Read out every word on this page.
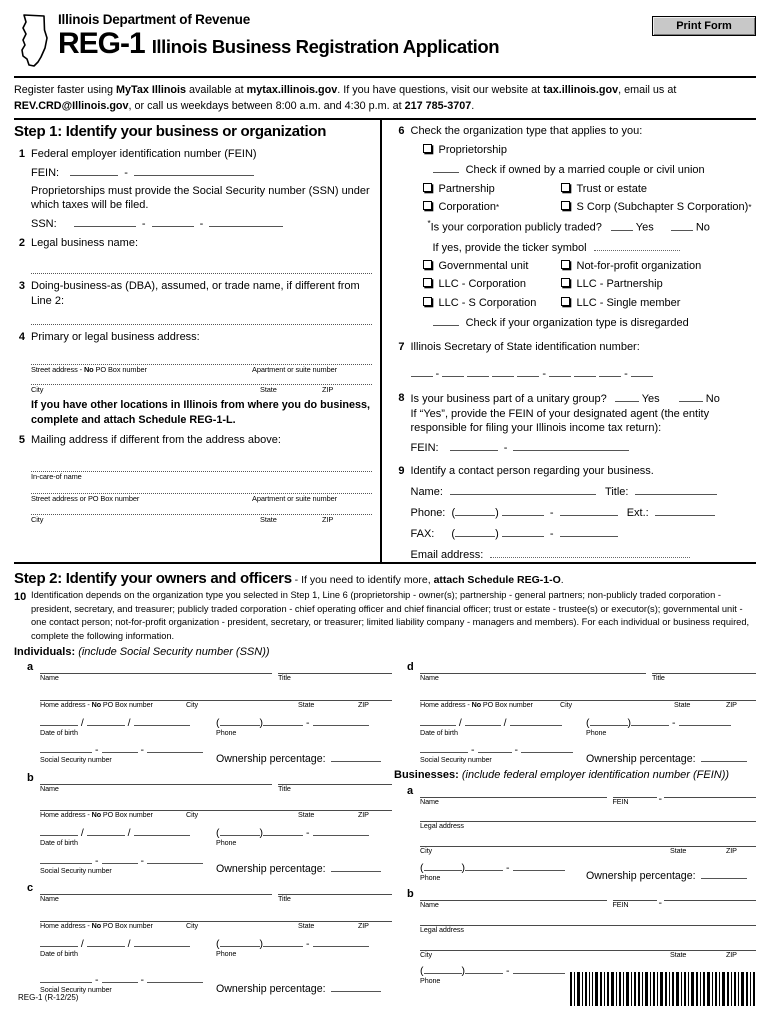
Illinois Department of Revenue
REG-1 Illinois Business Registration Application
Print Form
Register faster using MyTax Illinois available at mytax.illinois.gov. If you have questions, visit our website at tax.illinois.gov, email us at
REV.CRD@Illinois.gov, or call us weekdays between 8:00 a.m. and 4:30 p.m. at 217 785-3707.
Step 1: Identify your business or organization
1 Federal employer identification number (FEIN)
FEIN:	-
Proprietorships must provide the Social Security number (SSN) under which taxes will be filed.
SSN:	-	-
2 Legal business name:
3 Doing-business-as (DBA), assumed, or trade name, if different from Line 2:
4 Primary or legal business address:
Street address - No PO Box number	Apartment or suite number
City	State	ZIP
If you have other locations in Illinois from where you do business, complete and attach Schedule REG-1-L.
5 Mailing address if different from the address above:
In-care-of name
Street address or PO Box number	Apartment or suite number
City	State	ZIP
6 Check the organization type that applies to you:
Proprietorship
Check if owned by a married couple or civil union
Partnership	Trust or estate
Corporation *	S Corp (Subchapter S Corporation) *
*Is your corporation publicly traded?	Yes	No
If yes, provide the ticker symbol
Governmental unit	Not-for-profit organization
LLC - Corporation	LLC - Partnership
LLC - S Corporation	LLC - Single member
Check if your organization type is disregarded
7 Illinois Secretary of State identification number:
-	-	-
8 Is your business part of a unitary group?	Yes	No
If “Yes”, provide the FEIN of your designated agent (the entity responsible for filing your Illinois income tax return):
FEIN:	-
9 Identify a contact person regarding your business.
Name:	Title:
Phone: (	)	-	Ext.:
FAX: (	)	-
Email address:
Step 2: Identify your owners and officers - If you need to identify more, attach Schedule REG-1-O.
10 Identification depends on the organization type you selected in Step 1, Line 6 (proprietorship - owner(s); partnership - general partners; non-publicly traded corporation - president, secretary, and treasurer; publicly traded corporation - chief operating officer and chief financial officer; trust or estate - trustee(s) or executor(s); governmental unit - one contact person; not-for-profit organization - president, secretary, or treasurer; limited liability company - managers and members). For each individual or business required, complete the following information.
Individuals: (include Social Security number (SSN))
a
Name	Title
Home address - No PO Box number	City	State	ZIP
/	/
Date of birth
(	)	-
Phone
-	-
Social Security number	Ownership percentage:
b
Name	Title
Home address - No PO Box number	City	State	ZIP
/	/
Date of birth
(	)	-
Phone
-	-
Social Security number	Ownership percentage:
c
Name	Title
Home address - No PO Box number	City	State	ZIP
/	/
Date of birth
(	)	-
Phone
-	-
Social Security number	Ownership percentage:
d
Name	Title
Home address - No PO Box number	City	State	ZIP
/	/
Date of birth
(	)	-
Phone
-	-
Social Security number	Ownership percentage:
Businesses: (include federal employer identification number (FEIN))
a
Name	FEIN	-

Legal address
City	State	ZIP
(	)	-
Phone	Ownership percentage:
b
Name	FEIN	-

Legal address
City	State	ZIP
(	)	-
Phone
REG-1 (R-12/25)
